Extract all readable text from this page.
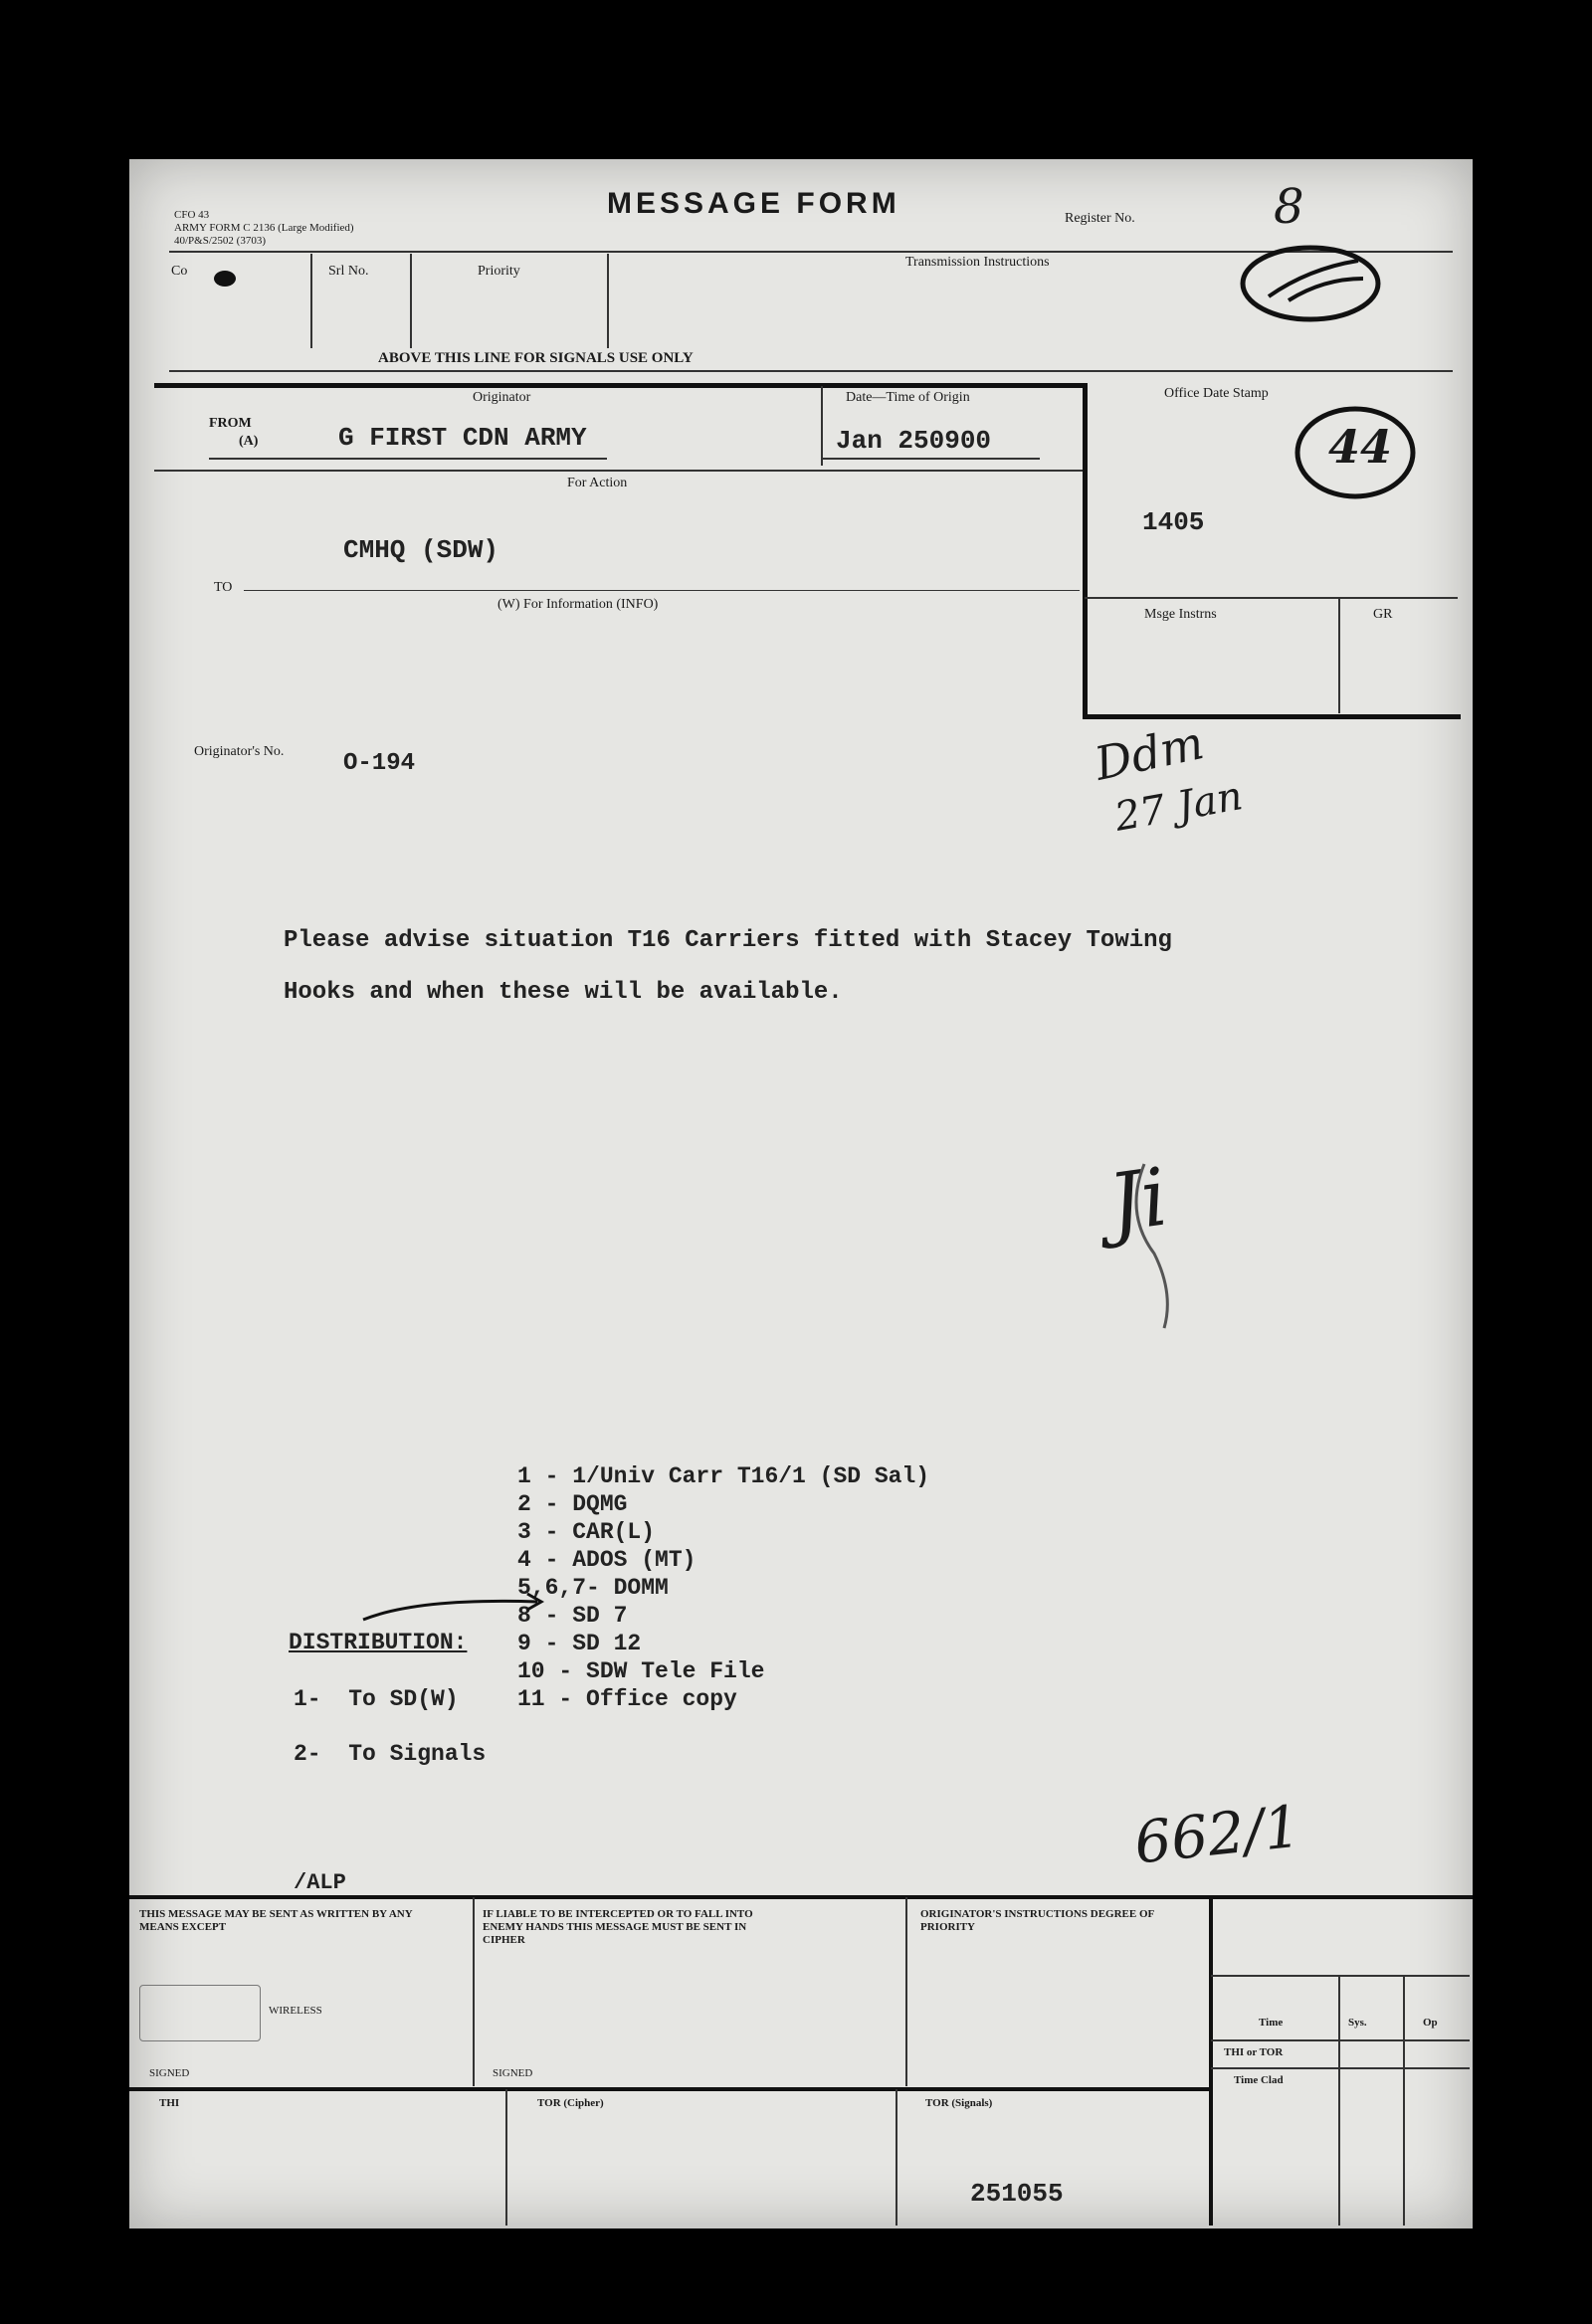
CFO 43
ARMY FORM C 2136 (Large Modified)
40/P&S/2502 (3703)
MESSAGE FORM	Register No.	8
Co	Srl No.	Priority
Transmission Instructions
ABOVE THIS LINE FOR SIGNALS USE ONLY
Originator	Date—Time of Origin
FROM
(A)	G FIRST CDN ARMY	Jan 250900
For Action
CMHQ (SDW)
TO
(W) For Information (INFO)
Office Date Stamp
44
1405
Msge Instrns	GR
Originator's No. O-194	Ddm
27 Jan
Please advise situation T16 Carriers fitted with Stacey Towing
Hooks and when these will be available.
Ji
1 - 1/Univ Carr T16/1 (SD Sal)
2 - DQMG
3 - CAR(L)
4 - ADOS (MT)
5,6,7- DOMM
8 - SD 7
9 - SD 12
10 - SDW Tele File
11 - Office copy
DISTRIBUTION:
1-  To SD(W)
2-  To Signals
662/1
/ALP
THIS MESSAGE MAY BE SENT AS WRITTEN BY ANY MEANS EXCEPT
WIRELESS
SIGNED
IF LIABLE TO BE INTERCEPTED OR TO FALL INTO ENEMY HANDS THIS MESSAGE MUST BE SENT IN CIPHER
SIGNED
ORIGINATOR'S INSTRUCTIONS DEGREE OF PRIORITY
Time	Sys.	Op
THI or TOR
Time Clad
THI	TOR (Cipher)	TOR (Signals)
251055
